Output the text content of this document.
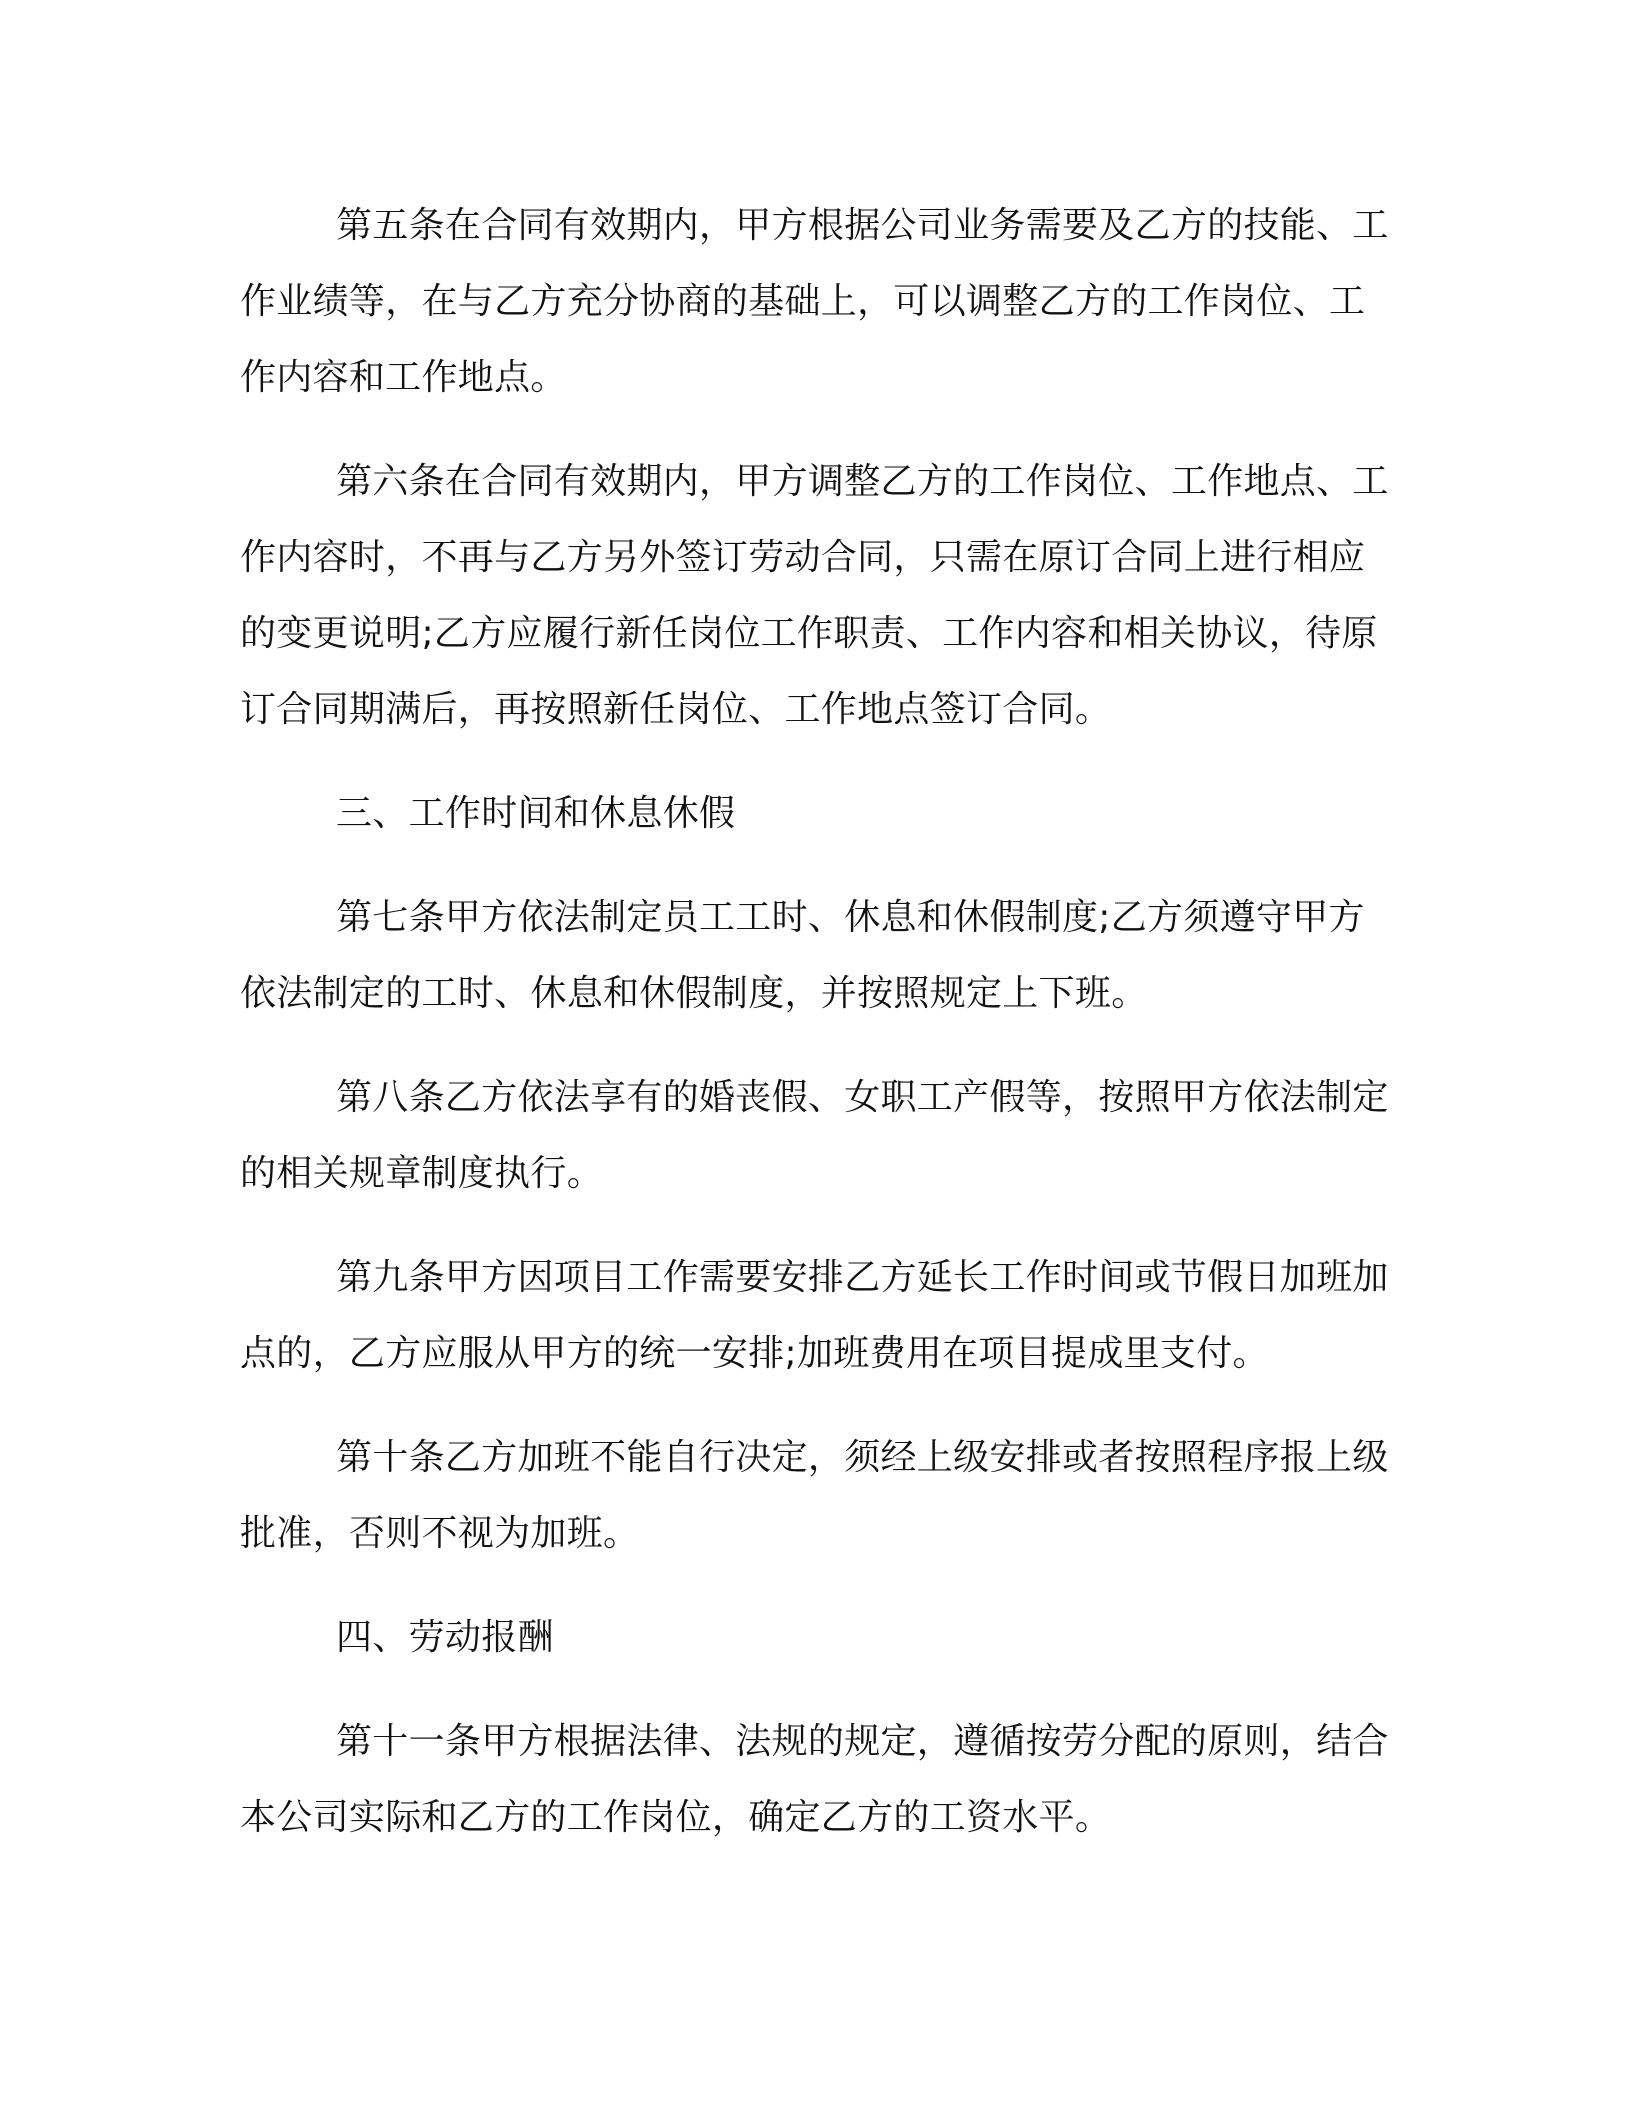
第五条在合同有效期内，甲方根据公司业务需要及乙方的技能、工作业绩等，在与乙方充分协商的基础上，可以调整乙方的工作岗位、工作内容和工作地点。

第六条在合同有效期内，甲方调整乙方的工作岗位、工作地点、工作内容时，不再与乙方另外签订劳动合同，只需在原订合同上进行相应的变更说明;乙方应履行新任岗位工作职责、工作内容和相关协议，待原订合同期满后，再按照新任岗位、工作地点签订合同。

三、工作时间和休息休假

第七条甲方依法制定员工工时、休息和休假制度;乙方须遵守甲方依法制定的工时、休息和休假制度，并按照规定上下班。

第八条乙方依法享有的婚丧假、女职工产假等，按照甲方依法制定的相关规章制度执行。

第九条甲方因项目工作需要安排乙方延长工作时间或节假日加班加点的，乙方应服从甲方的统一安排;加班费用在项目提成里支付。

第十条乙方加班不能自行决定，须经上级安排或者按照程序报上级批准，否则不视为加班。

四、劳动报酬

第十一条甲方根据法律、法规的规定，遵循按劳分配的原则，结合本公司实际和乙方的工作岗位，确定乙方的工资水平。
